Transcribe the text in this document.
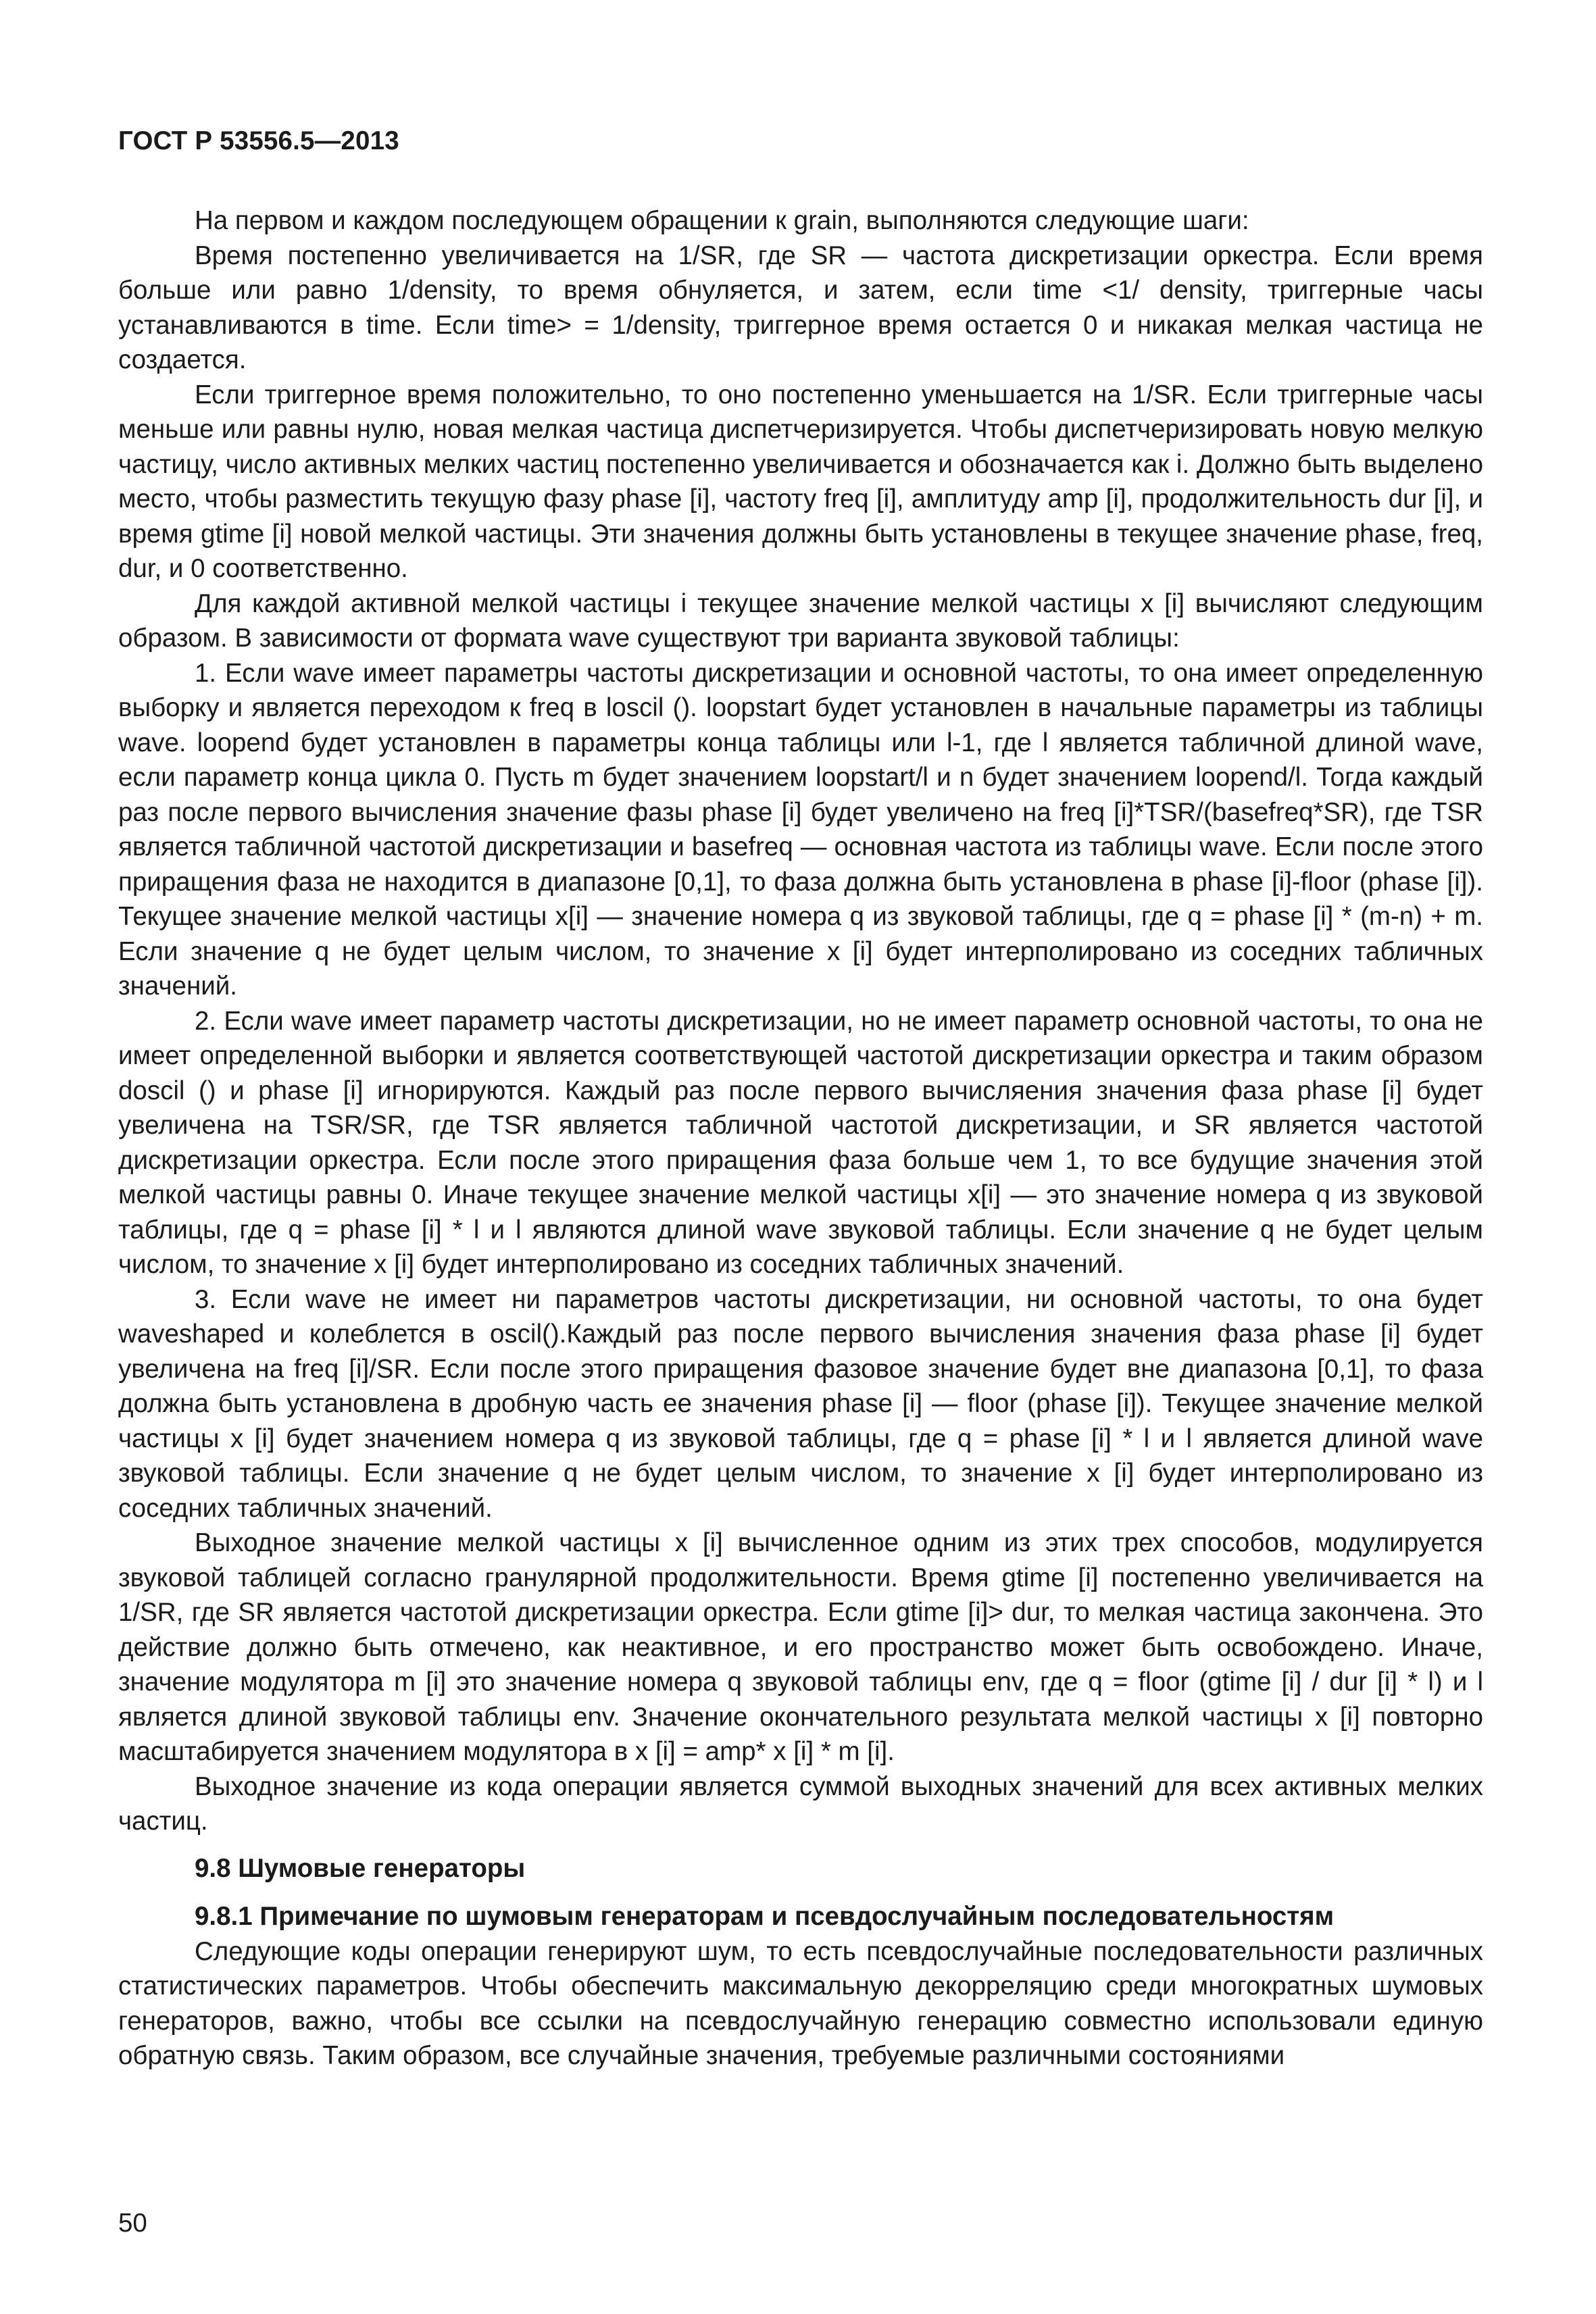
ГОСТ Р 53556.5—2013

На первом и каждом последующем обращении к grain, выполняются следующие шаги:

Время постепенно увеличивается на 1/SR, где SR — частота дискретизации оркестра. Если время больше или равно 1/density, то время обнуляется, и затем, если time <1/ density, триггерные часы устанавливаются в time. Если time> = 1/density, триггерное время остается 0 и никакая мелкая частица не создается.

Если триггерное время положительно, то оно постепенно уменьшается на 1/SR. Если триггерные часы меньше или равны нулю, новая мелкая частица диспетчеризируется. Чтобы диспетчеризировать новую мелкую частицу, число активных мелких частиц постепенно увеличивается и обозначается как i. Должно быть выделено место, чтобы разместить текущую фазу phase [i], частоту freq [i], амплитуду amp [i], продолжительность dur [i], и время gtime [i] новой мелкой частицы. Эти значения должны быть установлены в текущее значение phase, freq, dur, и 0 соответственно.

Для каждой активной мелкой частицы i текущее значение мелкой частицы x [i] вычисляют следующим образом. В зависимости от формата wave существуют три варианта звуковой таблицы:

1. Если wave имеет параметры частоты дискретизации и основной частоты, то она имеет определенную выборку и является переходом к freq в loscil (). loopstart будет установлен в начальные параметры из таблицы wave. loopend будет установлен в параметры конца таблицы или l-1, где l является табличной длиной wave, если параметр конца цикла 0. Пусть m будет значением loopstart/l и n будет значением loopend/l. Тогда каждый раз после первого вычисления значение фазы phase [i] будет увеличено на freq [i]*TSR/(basefreq*SR), где TSR является табличной частотой дискретизации и basefreq — основная частота из таблицы wave. Если после этого приращения фаза не находится в диапазоне [0,1], то фаза должна быть установлена в phase [i]-floor (phase [i]). Текущее значение мелкой частицы x[i] — значение номера q из звуковой таблицы, где q = phase [i] * (m-n) + m. Если значение q не будет целым числом, то значение x [i] будет интерполировано из соседних табличных значений.

2. Если wave имеет параметр частоты дискретизации, но не имеет параметр основной частоты, то она не имеет определенной выборки и является соответствующей частотой дискретизации оркестра и таким образом doscil () и phase [i] игнорируются. Каждый раз после первого вычисляения значения фаза phase [i] будет увеличена на TSR/SR, где TSR является табличной частотой дискретизации, и SR является частотой дискретизации оркестра. Если после этого приращения фаза больше чем 1, то все будущие значения этой мелкой частицы равны 0. Иначе текущее значение мелкой частицы x[i] — это значение номера q из звуковой таблицы, где q = phase [i] * l и l являются длиной wave звуковой таблицы. Если значение q не будет целым числом, то значение x [i] будет интерполировано из соседних табличных значений.

3. Если wave не имеет ни параметров частоты дискретизации, ни основной частоты, то она будет waveshaped и колеблется в oscil().Каждый раз после первого вычисления значения фаза phase [i] будет увеличена на freq [i]/SR. Если после этого приращения фазовое значение будет вне диапазона [0,1], то фаза должна быть установлена в дробную часть ее значения phase [i] — floor (phase [i]). Текущее значение мелкой частицы x [i] будет значением номера q из звуковой таблицы, где q = phase [i] * l и l является длиной wave звуковой таблицы. Если значение q не будет целым числом, то значение x [i] будет интерполировано из соседних табличных значений.

Выходное значение мелкой частицы x [i] вычисленное одним из этих трех способов, модулируется звуковой таблицей согласно гранулярной продолжительности. Время gtime [i] постепенно увеличивается на 1/SR, где SR является частотой дискретизации оркестра. Если gtime [i]> dur, то мелкая частица закончена. Это действие должно быть отмечено, как неактивное, и его пространство может быть освобождено. Иначе, значение модулятора m [i] это значение номера q звуковой таблицы env, где q = floor (gtime [i] / dur [i] * l) и l является длиной звуковой таблицы env. Значение окончательного результата мелкой частицы x [i] повторно масштабируется значением модулятора в x [i] = amp* x [i] * m [i].

Выходное значение из кода операции является суммой выходных значений для всех активных мелких частиц.

9.8 Шумовые генераторы
9.8.1 Примечание по шумовым генераторам и псевдослучайным последовательностям

Следующие коды операции генерируют шум, то есть псевдослучайные последовательности различных статистических параметров. Чтобы обеспечить максимальную декорреляцию среди многократных шумовых генераторов, важно, чтобы все ссылки на псевдослучайную генерацию совместно использовали единую обратную связь. Таким образом, все случайные значения, требуемые различными состояниями

50
